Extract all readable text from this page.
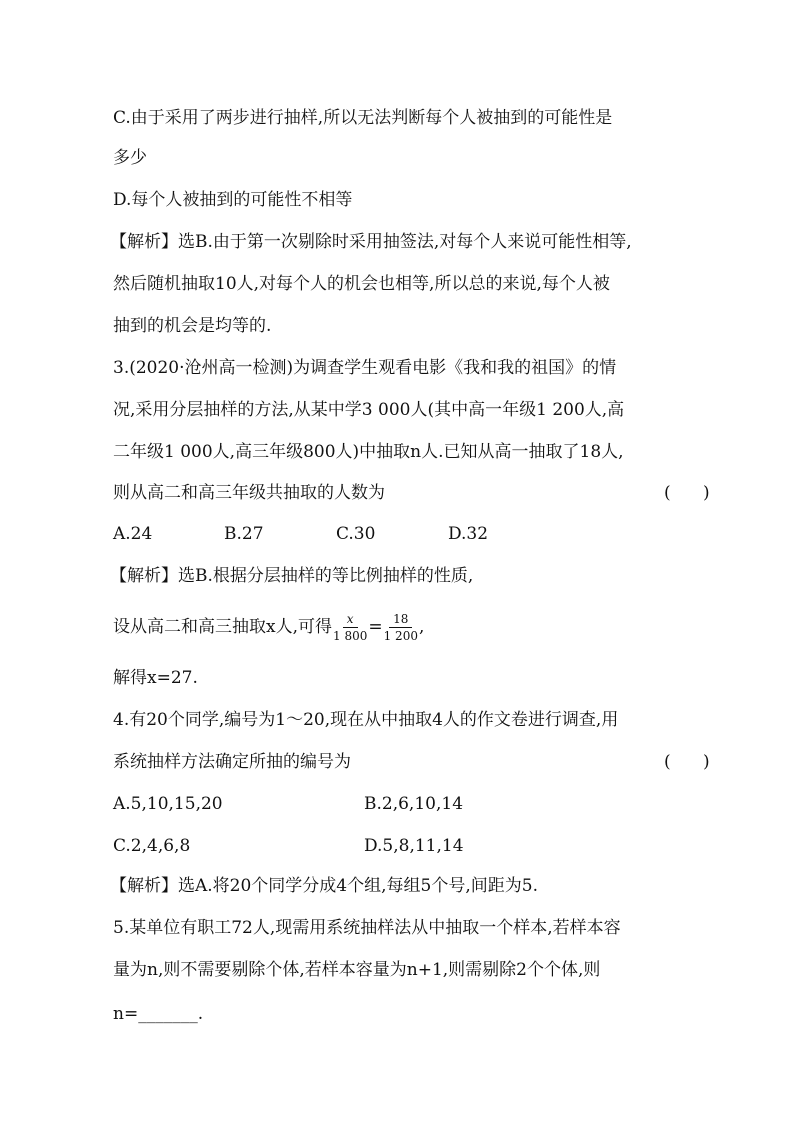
C.由于采用了两步进行抽样,所以无法判断每个人被抽到的可能性是
多少
D.每个人被抽到的可能性不相等
【解析】选B.由于第一次剔除时采用抽签法,对每个人来说可能性相等,
然后随机抽取10人,对每个人的机会也相等,所以总的来说,每个人被
抽到的机会是均等的.
3.(2020·沧州高一检测)为调查学生观看电影《我和我的祖国》的情
况,采用分层抽样的方法,从某中学3 000人(其中高一年级1 200人,高
二年级1 000人,高三年级800人)中抽取n人.已知从高一抽取了18人,
则从高二和高三年级共抽取的人数为	(      )
A.24	B.27	C.30	D.32
【解析】选B.根据分层抽样的等比例抽样的性质,
设从高二和高三抽取x人,可得 $\frac{x}{1 800} = \frac{18}{1 200}$ ,
解得x=27.
4.有20个同学,编号为1～20,现在从中抽取4人的作文卷进行调查,用
系统抽样方法确定所抽的编号为	(      )
A.5,10,15,20	B.2,6,10,14
C.2,4,6,8	D.5,8,11,14
【解析】选A.将20个同学分成4个组,每组5个号,间距为5.
5.某单位有职工72人,现需用系统抽样法从中抽取一个样本,若样本容
量为n,则不需要剔除个体,若样本容量为n+1,则需剔除2个个体,则
n=_______.
